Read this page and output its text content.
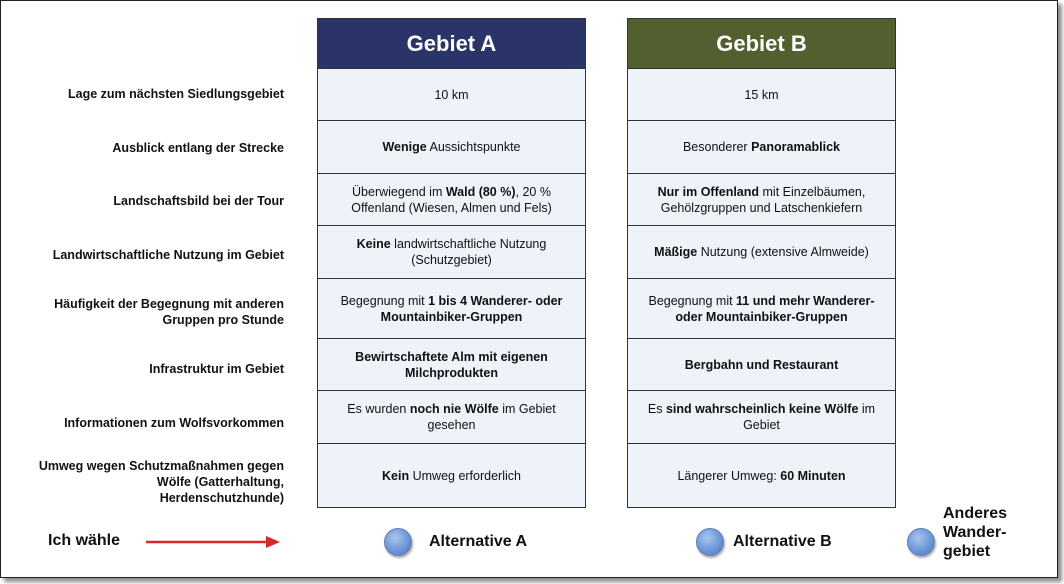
Lage zum nächsten Siedlungsgebiet
Ausblick entlang der Strecke
Landschaftsbild bei der Tour
Landwirtschaftliche Nutzung im Gebiet
Häufigkeit der Begegnung mit anderen Gruppen pro Stunde
Infrastruktur im Gebiet
Informationen zum Wolfsvorkommen
Umweg wegen Schutzmaßnahmen gegen Wölfe (Gatterhaltung, Herdenschutzhunde)
Gebiet A
10 km
Wenige Aussichtspunkte
Überwiegend im Wald (80 %), 20 % Offenland (Wiesen, Almen und Fels)
Keine landwirtschaftliche Nutzung (Schutzgebiet)
Begegnung mit 1 bis 4 Wanderer- oder Mountainbiker-Gruppen
Bewirtschaftete Alm mit eigenen Milchprodukten
Es wurden noch nie Wölfe im Gebiet gesehen
Kein Umweg erforderlich
Gebiet B
15 km
Besonderer Panoramablick
Nur im Offenland mit Einzelbäumen, Gehölzgruppen und Latschenkiefern
Mäßige Nutzung (extensive Almweide)
Begegnung mit 11 und mehr Wanderer- oder Mountainbiker-Gruppen
Bergbahn und Restaurant
Es sind wahrscheinlich keine Wölfe im Gebiet
Längerer Umweg: 60 Minuten
Ich wähle	Alternative A	Alternative B
Anderes Wander-gebiet
